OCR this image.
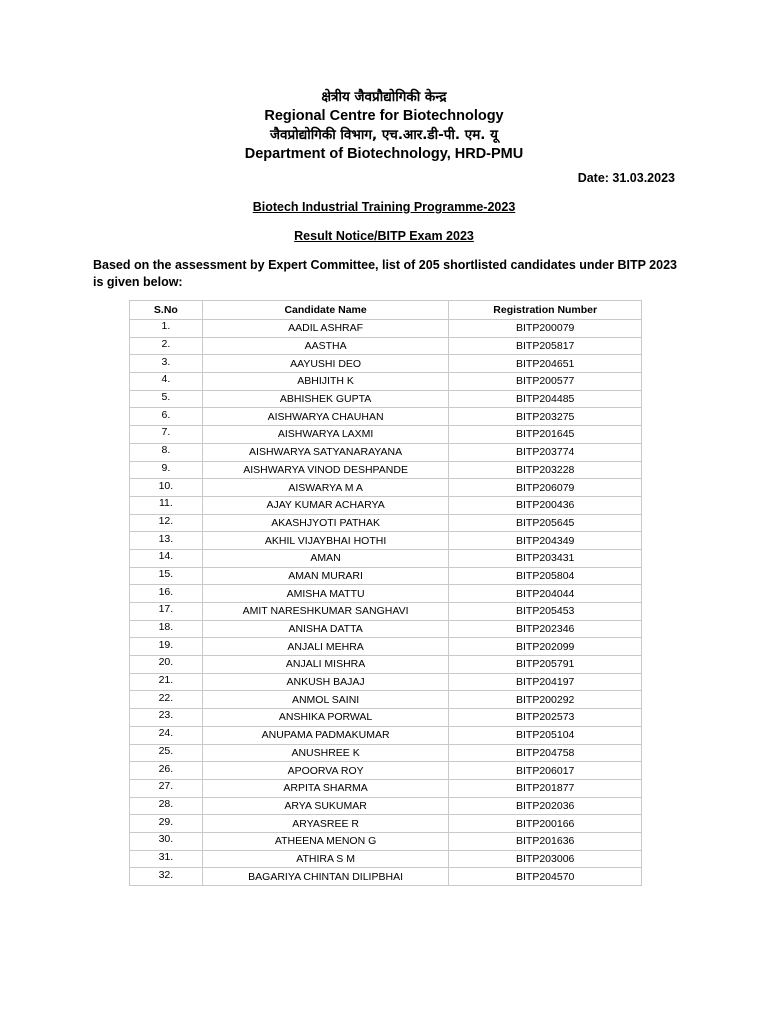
क्षेत्रीय जैवप्रौद्योगिकी केन्द्र
Regional Centre for Biotechnology
जैवप्रोद्योगिकी विभाग, एच.आर.डी-पी. एम. यू
Department of Biotechnology, HRD-PMU
Date: 31.03.2023
Biotech Industrial Training Programme-2023
Result Notice/BITP Exam 2023
Based on the assessment by Expert Committee, list of 205 shortlisted candidates under BITP 2023 is given below:
S.No	Candidate Name	Registration Number
1.	AADIL ASHRAF	BITP200079
2.	AASTHA	BITP205817
3.	AAYUSHI DEO	BITP204651
4.	ABHIJITH K	BITP200577
5.	ABHISHEK GUPTA	BITP204485
6.	AISHWARYA CHAUHAN	BITP203275
7.	AISHWARYA LAXMI	BITP201645
8.	AISHWARYA SATYANARAYANA	BITP203774
9.	AISHWARYA VINOD DESHPANDE	BITP203228
10.	AISWARYA M A	BITP206079
11.	AJAY KUMAR ACHARYA	BITP200436
12.	AKASHJYOTI PATHAK	BITP205645
13.	AKHIL VIJAYBHAI HOTHI	BITP204349
14.	AMAN	BITP203431
15.	AMAN MURARI	BITP205804
16.	AMISHA MATTU	BITP204044
17.	AMIT NARESHKUMAR SANGHAVI	BITP205453
18.	ANISHA DATTA	BITP202346
19.	ANJALI MEHRA	BITP202099
20.	ANJALI MISHRA	BITP205791
21.	ANKUSH BAJAJ	BITP204197
22.	ANMOL SAINI	BITP200292
23.	ANSHIKA PORWAL	BITP202573
24.	ANUPAMA PADMAKUMAR	BITP205104
25.	ANUSHREE K	BITP204758
26.	APOORVA ROY	BITP206017
27.	ARPITA SHARMA	BITP201877
28.	ARYA SUKUMAR	BITP202036
29.	ARYASREE R	BITP200166
30.	ATHEENA MENON G	BITP201636
31.	ATHIRA S M	BITP203006
32.	BAGARIYA CHINTAN DILIPBHAI	BITP204570
